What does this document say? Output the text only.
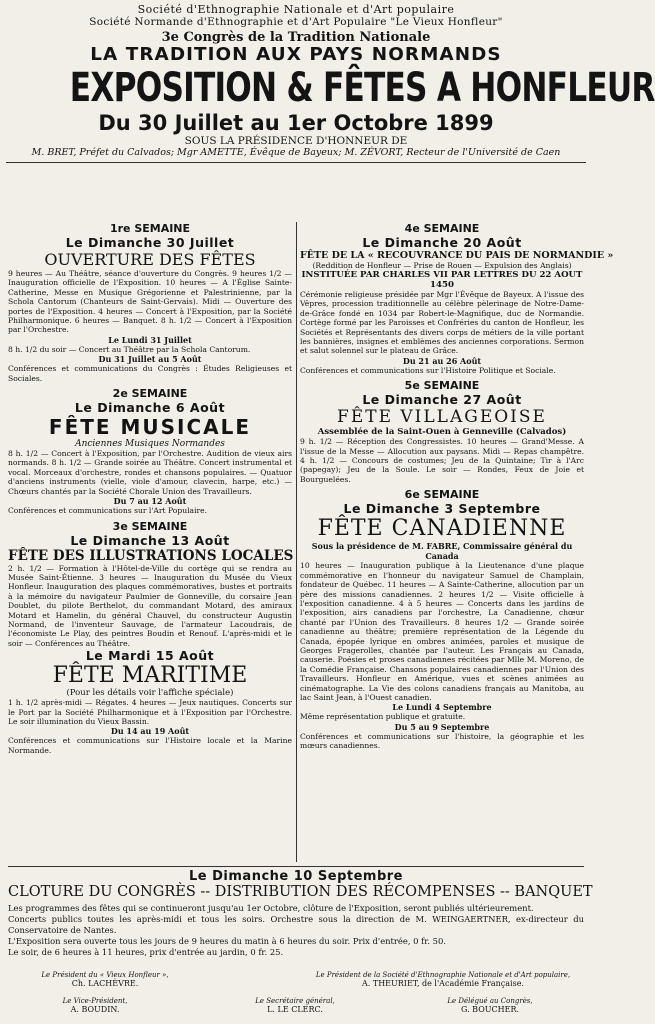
Société d'Ethnographie Nationale et d'Art populaire
Société Normande d'Ethnographie et d'Art Populaire "Le Vieux Honfleur"
3e Congrès de la Tradition Nationale
LA TRADITION AUX PAYS NORMANDS
EXPOSITION & FÊTES A HONFLEUR
Du 30 Juillet au 1er Octobre 1899
SOUS LA PRÉSIDENCE D'HONNEUR DE
M. BRET, Préfet du Calvados; Mgr AMETTE, Évêque de Bayeux; M. ZÉVORT, Recteur de l'Université de Caen
1re SEMAINE
Le Dimanche 30 Juillet
OUVERTURE DES FÊTES
9 heures — Au Théâtre, séance d'ouverture du Congrès. 9 heures 1/2 — Inauguration officielle de l'Exposition. 10 heures — A l'Église Sainte-Catherine, Messe en Musique Grégorienne et Palestrinienne, par la Schola Cantorum (Chanteurs de Saint-Gervais). Midi — Ouverture des portes de l'Exposition. 4 heures — Concert à l'Exposition, par la Société Philharmonique. 6 heures — Banquet. 8 h. 1/2 — Concert à l'Exposition par l'Orchestre.
Le Lundi 31 Juillet
8 h. 1/2 du soir — Concert au Théâtre par la Schola Cantorum.
Du 31 Juillet au 5 Août
Conférences et communications du Congrès : Études Religieuses et Sociales.
2e SEMAINE
Le Dimanche 6 Août
FÊTE MUSICALE
Anciennes Musiques Normandes
8 h. 1/2 — Concert à l'Exposition, par l'Orchestre. Audition de vieux airs normands. 8 h. 1/2 — Grande soirée au Théâtre. Concert instrumental et vocal. Morceaux d'orchestre, rondes et chansons populaires. — Quatuor d'anciens instruments (vielle, viole d'amour, clavecin, harpe, etc.) — Chœurs chantés par la Société Chorale Union des Travailleurs.
Du 7 au 12 Août
Conférences et communications sur l'Art Populaire.
3e SEMAINE
Le Dimanche 13 Août
FÊTE DES ILLUSTRATIONS LOCALES
2 h. 1/2 — Formation à l'Hôtel-de-Ville du cortège qui se rendra au Musée Saint-Étienne. 3 heures — Inauguration du Musée du Vieux Honfleur. Inauguration des plaques commémoratives, bustes et portraits à la mémoire du navigateur Paulmier de Gonneville, du corsaire Jean Doublet, du pilote Berthelot, du commandant Motard, des amiraux Motard et Hamelin, du général Chauvel, du constructeur Augustin Normand, de l'inventeur Sauvage, de l'armateur Lacoudrais, de l'économiste Le Play, des peintres Boudin et Renouf. L'après-midi et le soir — Conférences au Théâtre.
Le Mardi 15 Août
FÊTE MARITIME
(Pour les détails voir l'affiche spéciale)
1 h. 1/2 après-midi — Régates. 4 heures — Jeux nautiques. Concerts sur le Port par la Société Philharmonique et à l'Exposition par l'Orchestre. Le soir illumination du Vieux Bassin.
Du 14 au 19 Août
Conférences et communications sur l'Histoire locale et la Marine Normande.
4e SEMAINE
Le Dimanche 20 Août
FÊTE DE LA « RECOUVRANCE DU PAIS DE NORMANDIE »
(Reddition de Honfleur — Prise de Rouen — Expulsion des Anglais)
INSTITUÉE PAR CHARLES VII PAR LETTRES DU 22 AOUT 1450
Cérémonie religieuse présidée par Mgr l'Évêque de Bayeux. A l'issue des Vêpres, procession traditionnelle au célèbre pèlerinage de Notre-Dame-de-Grâce fondé en 1034 par Robert-le-Magnifique, duc de Normandie. Cortège formé par les Paroisses et Confréries du canton de Honfleur, les Sociétés et Représentants des divers corps de métiers de la ville portant les bannières, insignes et emblèmes des anciennes corporations. Sermon et salut solennel sur le plateau de Grâce.
Du 21 au 26 Août
Conférences et communications sur l'Histoire Politique et Sociale.
5e SEMAINE
Le Dimanche 27 Août
FÊTE VILLAGEOISE
Assemblée de la Saint-Ouen à Genneville (Calvados)
9 h. 1/2 — Réception des Congressistes. 10 heures — Grand'Messe. A l'issue de la Messe — Allocution aux paysans. Midi — Repas champêtre. 4 h. 1/2 — Concours de costumes; Jeu de la Quintaine; Tir à l'Arc (papegay); Jeu de la Soule. Le soir — Rondes, Feux de Joie et Bourguelées.
6e SEMAINE
Le Dimanche 3 Septembre
FÊTE CANADIENNE
Sous la présidence de M. FABRE, Commissaire général du Canada
10 heures — Inauguration publique à la Lieutenance d'une plaque commémorative en l'honneur du navigateur Samuel de Champlain, fondateur de Québec. 11 heures — A Sainte-Catherine, allocution par un père des missions canadiennes. 2 heures 1/2 — Visite officielle à l'exposition canadienne. 4 à 5 heures — Concerts dans les jardins de l'exposition, airs canadiens par l'orchestre, La Canadienne, chœur chanté par l'Union des Travailleurs. 8 heures 1/2 — Grande soirée canadienne au théâtre; première représentation de la Légende du Canada, épopée lyrique en ombres animées, paroles et musique de Georges Fragerolles, chantée par l'auteur. Les Français au Canada, causerie. Poésies et proses canadiennes récitées par Mlle M. Moreno, de la Comédie Française. Chansons populaires canadiennes par l'Union des Travailleurs. Honfleur en Amérique, vues et scènes animées au cinématographe. La Vie des colons canadiens français au Manitoba, au lac Saint Jean, à l'Ouest canadien.
Le Lundi 4 Septembre
Même représentation publique et gratuite.
Du 5 au 9 Septembre
Conférences et communications sur l'histoire, la géographie et les mœurs canadiennes.
Le Dimanche 10 Septembre
CLOTURE DU CONGRÈS -- DISTRIBUTION DES RÉCOMPENSES -- BANQUET
Les programmes des fêtes qui se continueront jusqu'au 1er Octobre, clôture de l'Exposition, seront publiés ultérieurement.
Concerts publics toutes les après-midi et tous les soirs. Orchestre sous la direction de M. WEINGAERTNER, ex-directeur du Conservatoire de Nantes.
L'Exposition sera ouverte tous les jours de 9 heures du matin à 6 heures du soir. Prix d'entrée, 0 fr. 50.
Le soir, de 6 heures à 11 heures, prix d'entrée au jardin, 0 fr. 25.
Le Président du « Vieux Honfleur »,
Ch. LACHÈVRE.
Le Président de la Société d'Ethnographie Nationale et d'Art populaire,
A. THEURIET, de l'Académie Française.
Le Vice-Président,
A. BOUDIN.
Le Secrétaire général,
L. LE CLERC.
Le Délégué au Congrès,
G. BOUCHER.
